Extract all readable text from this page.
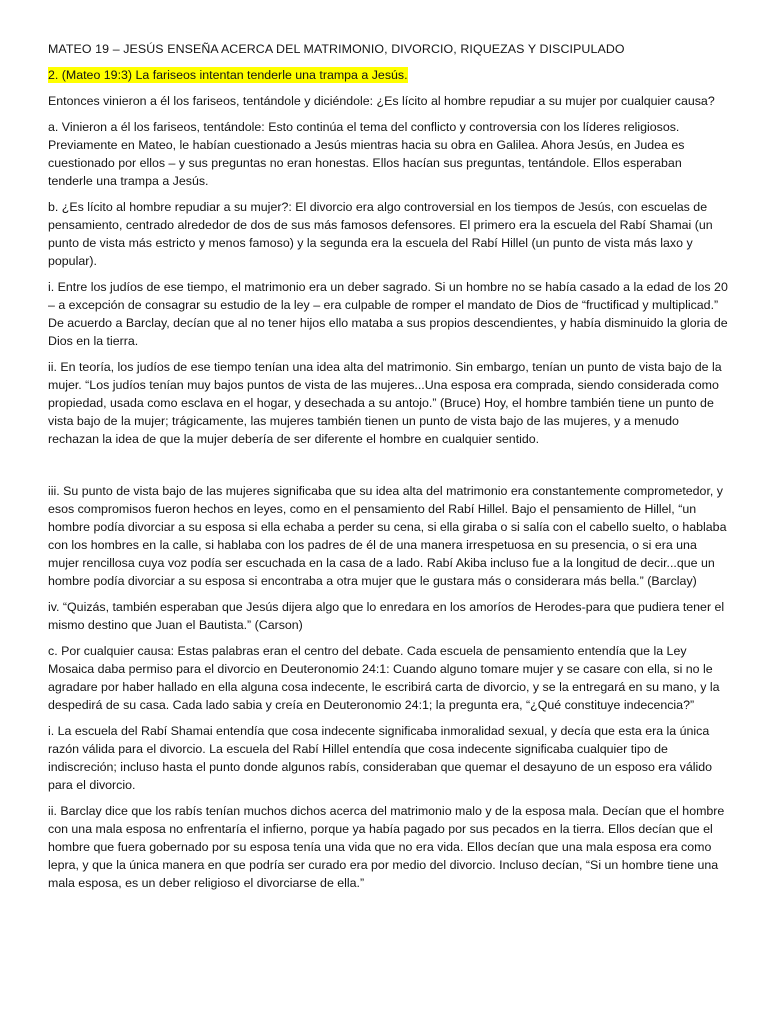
MATEO 19 – JESÚS ENSEÑA ACERCA DEL MATRIMONIO, DIVORCIO, RIQUEZAS Y DISCIPULADO
2. (Mateo 19:3) La fariseos intentan tenderle una trampa a Jesús.

Entonces vinieron a él los fariseos, tentándole y diciéndole: ¿Es lícito al hombre repudiar a su mujer por cualquier causa?

a. Vinieron a él los fariseos, tentándole: Esto continúa el tema del conflicto y controversia con los líderes religiosos. Previamente en Mateo, le habían cuestionado a Jesús mientras hacia su obra en Galilea. Ahora Jesús, en Judea es cuestionado por ellos – y sus preguntas no eran honestas. Ellos hacían sus preguntas, tentándole. Ellos esperaban tenderle una trampa a Jesús.

b. ¿Es lícito al hombre repudiar a su mujer?: El divorcio era algo controversial en los tiempos de Jesús, con escuelas de pensamiento, centrado alrededor de dos de sus más famosos defensores. El primero era la escuela del Rabí Shamai (un punto de vista más estricto y menos famoso) y la segunda era la escuela del Rabí Hillel (un punto de vista más laxo y popular).

i. Entre los judíos de ese tiempo, el matrimonio era un deber sagrado. Si un hombre no se había casado a la edad de los 20 – a excepción de consagrar su estudio de la ley – era culpable de romper el mandato de Dios de “fructificad y multiplicad.” De acuerdo a Barclay, decían que al no tener hijos ello mataba a sus propios descendientes, y había disminuido la gloria de Dios en la tierra.

ii. En teoría, los judíos de ese tiempo tenían una idea alta del matrimonio. Sin embargo, tenían un punto de vista bajo de la mujer. “Los judíos tenían muy bajos puntos de vista de las mujeres...Una esposa era comprada, siendo considerada como propiedad, usada como esclava en el hogar, y desechada a su antojo.” (Bruce) Hoy, el hombre también tiene un punto de vista bajo de la mujer; trágicamente, las mujeres también tienen un punto de vista bajo de las mujeres, y a menudo rechazan la idea de que la mujer debería de ser diferente el hombre en cualquier sentido.

iii. Su punto de vista bajo de las mujeres significaba que su idea alta del matrimonio era constantemente comprometedor, y esos compromisos fueron hechos en leyes, como en el pensamiento del Rabí Hillel. Bajo el pensamiento de Hillel, “un hombre podía divorciar a su esposa si ella echaba a perder su cena, si ella giraba o si salía con el cabello suelto, o hablaba con los hombres en la calle, si hablaba con los padres de él de una manera irrespetuosa en su presencia, o si era una mujer rencillosa cuya voz podía ser escuchada en la casa de a lado. Rabí Akiba incluso fue a la longitud de decir...que un hombre podía divorciar a su esposa si encontraba a otra mujer que le gustara más o considerara más bella.” (Barclay)

iv. “Quizás, también esperaban que Jesús dijera algo que lo enredara en los amoríos de Herodes-para que pudiera tener el mismo destino que Juan el Bautista.” (Carson)

c. Por cualquier causa: Estas palabras eran el centro del debate. Cada escuela de pensamiento entendía que la Ley Mosaica daba permiso para el divorcio en Deuteronomio 24:1: Cuando alguno tomare mujer y se casare con ella, si no le agradare por haber hallado en ella alguna cosa indecente, le escribirá carta de divorcio, y se la entregará en su mano, y la despedirá de su casa. Cada lado sabia y creía en Deuteronomio 24:1; la pregunta era, “¿Qué constituye indecencia?”

i. La escuela del Rabí Shamai entendía que cosa indecente significaba inmoralidad sexual, y decía que esta era la única razón válida para el divorcio. La escuela del Rabí Hillel entendía que cosa indecente significaba cualquier tipo de indiscreción; incluso hasta el punto donde algunos rabís, consideraban que quemar el desayuno de un esposo era válido para el divorcio.

ii. Barclay dice que los rabís tenían muchos dichos acerca del matrimonio malo y de la esposa mala. Decían que el hombre con una mala esposa no enfrentaría el infierno, porque ya había pagado por sus pecados en la tierra. Ellos decían que el hombre que fuera gobernado por su esposa tenía una vida que no era vida. Ellos decían que una mala esposa era como lepra, y que la única manera en que podría ser curado era por medio del divorcio. Incluso decían, “Si un hombre tiene una mala esposa, es un deber religioso el divorciarse de ella.”
